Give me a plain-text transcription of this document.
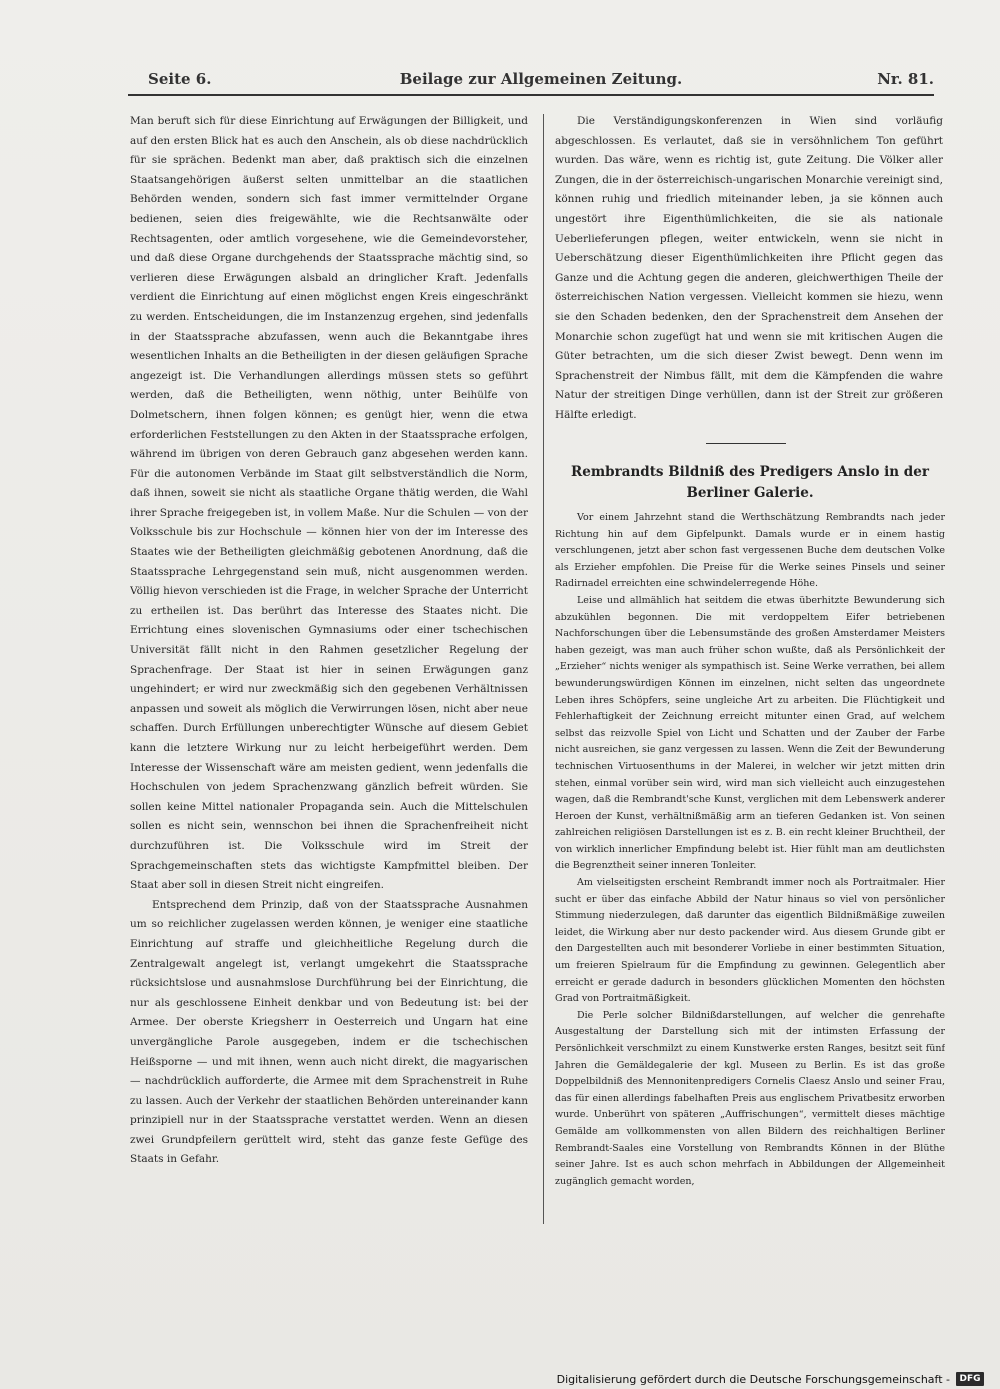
Seite 6.	Beilage zur Allgemeinen Zeitung.	Nr. 81.

Man beruft sich für diese Einrichtung auf Erwägungen der Billigkeit, und auf den ersten Blick hat es auch den Anschein, als ob diese nachdrücklich für sie sprächen. Bedenkt man aber, daß praktisch sich die einzelnen Staatsangehörigen äußerst selten unmittelbar an die staatlichen Behörden wenden, sondern sich fast immer vermittelnder Organe bedienen, seien dies freigewählte, wie die Rechtsanwälte oder Rechtsagenten, oder amtlich vorgesehene, wie die Gemeindevorsteher, und daß diese Organe durchgehends der Staatssprache mächtig sind, so verlieren diese Erwägungen alsbald an dringlicher Kraft. Jedenfalls verdient die Einrichtung auf einen möglichst engen Kreis eingeschränkt zu werden. Entscheidungen, die im Instanzenzug ergehen, sind jedenfalls in der Staatssprache abzufassen, wenn auch die Bekanntgabe ihres wesentlichen Inhalts an die Betheiligten in der diesen geläufigen Sprache angezeigt ist. Die Verhandlungen allerdings müssen stets so geführt werden, daß die Betheiligten, wenn nöthig, unter Beihülfe von Dolmetschern, ihnen folgen können; es genügt hier, wenn die etwa erforderlichen Feststellungen zu den Akten in der Staatssprache erfolgen, während im übrigen von deren Gebrauch ganz abgesehen werden kann. Für die autonomen Verbände im Staat gilt selbstverständlich die Norm, daß ihnen, soweit sie nicht als staatliche Organe thätig werden, die Wahl ihrer Sprache freigegeben ist, in vollem Maße. Nur die Schulen — von der Volksschule bis zur Hochschule — können hier von der im Interesse des Staates wie der Betheiligten gleichmäßig gebotenen Anordnung, daß die Staatssprache Lehrgegenstand sein muß, nicht ausgenommen werden. Völlig hievon verschieden ist die Frage, in welcher Sprache der Unterricht zu ertheilen ist. Das berührt das Interesse des Staates nicht. Die Errichtung eines slovenischen Gymnasiums oder einer tschechischen Universität fällt nicht in den Rahmen gesetzlicher Regelung der Sprachenfrage. Der Staat ist hier in seinen Erwägungen ganz ungehindert; er wird nur zweckmäßig sich den gegebenen Verhältnissen anpassen und soweit als möglich die Verwirrungen lösen, nicht aber neue schaffen. Durch Erfüllungen unberechtigter Wünsche auf diesem Gebiet kann die letztere Wirkung nur zu leicht herbeigeführt werden. Dem Interesse der Wissenschaft wäre am meisten gedient, wenn jedenfalls die Hochschulen von jedem Sprachenzwang gänzlich befreit würden. Sie sollen keine Mittel nationaler Propaganda sein. Auch die Mittelschulen sollen es nicht sein, wennschon bei ihnen die Sprachenfreiheit nicht durchzuführen ist. Die Volksschule wird im Streit der Sprachgemeinschaften stets das wichtigste Kampfmittel bleiben. Der Staat aber soll in diesen Streit nicht eingreifen.

Entsprechend dem Prinzip, daß von der Staatssprache Ausnahmen um so reichlicher zugelassen werden können, je weniger eine staatliche Einrichtung auf straffe und gleichheitliche Regelung durch die Zentralgewalt angelegt ist, verlangt umgekehrt die Staatssprache rücksichtslose und ausnahmslose Durchführung bei der Einrichtung, die nur als geschlossene Einheit denkbar und von Bedeutung ist: bei der Armee. Der oberste Kriegsherr in Oesterreich und Ungarn hat eine unvergängliche Parole ausgegeben, indem er die tschechischen Heißsporne — und mit ihnen, wenn auch nicht direkt, die magyarischen — nachdrücklich aufforderte, die Armee mit dem Sprachenstreit in Ruhe zu lassen. Auch der Verkehr der staatlichen Behörden untereinander kann prinzipiell nur in der Staatssprache verstattet werden. Wenn an diesen zwei Grundpfeilern gerüttelt wird, steht das ganze feste Gefüge des Staats in Gefahr.

Die Verständigungskonferenzen in Wien sind vorläufig abgeschlossen. Es verlautet, daß sie in versöhnlichem Ton geführt wurden. Das wäre, wenn es richtig ist, gute Zeitung. Die Völker aller Zungen, die in der österreichisch-ungarischen Monarchie vereinigt sind, können ruhig und friedlich miteinander leben, ja sie können auch ungestört ihre Eigenthümlichkeiten, die sie als nationale Ueberlieferungen pflegen, weiter entwickeln, wenn sie nicht in Ueberschätzung dieser Eigenthümlichkeiten ihre Pflicht gegen das Ganze und die Achtung gegen die anderen, gleichwerthigen Theile der österreichischen Nation vergessen. Vielleicht kommen sie hiezu, wenn sie den Schaden bedenken, den der Sprachenstreit dem Ansehen der Monarchie schon zugefügt hat und wenn sie mit kritischen Augen die Güter betrachten, um die sich dieser Zwist bewegt. Denn wenn im Sprachenstreit der Nimbus fällt, mit dem die Kämpfenden die wahre Natur der streitigen Dinge verhüllen, dann ist der Streit zur größeren Hälfte erledigt.

Rembrandts Bildniß des Predigers Anslo in der
Berliner Galerie.

Vor einem Jahrzehnt stand die Werthschätzung Rembrandts nach jeder Richtung hin auf dem Gipfelpunkt. Damals wurde er in einem hastig verschlungenen, jetzt aber schon fast vergessenen Buche dem deutschen Volke als Erzieher empfohlen. Die Preise für die Werke seines Pinsels und seiner Radirnadel erreichten eine schwindelerregende Höhe.

Leise und allmählich hat seitdem die etwas überhitzte Bewunderung sich abzukühlen begonnen. Die mit verdoppeltem Eifer betriebenen Nachforschungen über die Lebensumstände des großen Amsterdamer Meisters haben gezeigt, was man auch früher schon wußte, daß als Persönlichkeit der „Erzieher“ nichts weniger als sympathisch ist. Seine Werke verrathen, bei allem bewunderungswürdigen Können im einzelnen, nicht selten das ungeordnete Leben ihres Schöpfers, seine ungleiche Art zu arbeiten. Die Flüchtigkeit und Fehlerhaftigkeit der Zeichnung erreicht mitunter einen Grad, auf welchem selbst das reizvolle Spiel von Licht und Schatten und der Zauber der Farbe nicht ausreichen, sie ganz vergessen zu lassen. Wenn die Zeit der Bewunderung technischen Virtuosenthums in der Malerei, in welcher wir jetzt mitten drin stehen, einmal vorüber sein wird, wird man sich vielleicht auch einzugestehen wagen, daß die Rembrandt'sche Kunst, verglichen mit dem Lebenswerk anderer Heroen der Kunst, verhältnißmäßig arm an tieferen Gedanken ist. Von seinen zahlreichen religiösen Darstellungen ist es z. B. ein recht kleiner Bruchtheil, der von wirklich innerlicher Empfindung belebt ist. Hier fühlt man am deutlichsten die Begrenztheit seiner inneren Tonleiter.

Am vielseitigsten erscheint Rembrandt immer noch als Portraitmaler. Hier sucht er über das einfache Abbild der Natur hinaus so viel von persönlicher Stimmung niederzulegen, daß darunter das eigentlich Bildnißmäßige zuweilen leidet, die Wirkung aber nur desto packender wird. Aus diesem Grunde gibt er den Dargestellten auch mit besonderer Vorliebe in einer bestimmten Situation, um freieren Spielraum für die Empfindung zu gewinnen. Gelegentlich aber erreicht er gerade dadurch in besonders glücklichen Momenten den höchsten Grad von Portraitmäßigkeit.

Die Perle solcher Bildnißdarstellungen, auf welcher die genrehafte Ausgestaltung der Darstellung sich mit der intimsten Erfassung der Persönlichkeit verschmilzt zu einem Kunstwerke ersten Ranges, besitzt seit fünf Jahren die Gemäldegalerie der kgl. Museen zu Berlin. Es ist das große Doppelbildniß des Mennonitenpredigers Cornelis Claesz Anslo und seiner Frau, das für einen allerdings fabelhaften Preis aus englischem Privatbesitz erworben wurde. Unberührt von späteren „Auffrischungen“, vermittelt dieses mächtige Gemälde am vollkommensten von allen Bildern des reichhaltigen Berliner Rembrandt-Saales eine Vorstellung von Rembrandts Können in der Blüthe seiner Jahre. Ist es auch schon mehrfach in Abbildungen der Allgemeinheit zugänglich gemacht worden,

Digitalisierung gefördert durch die Deutsche Forschungsgemeinschaft -	DFG
